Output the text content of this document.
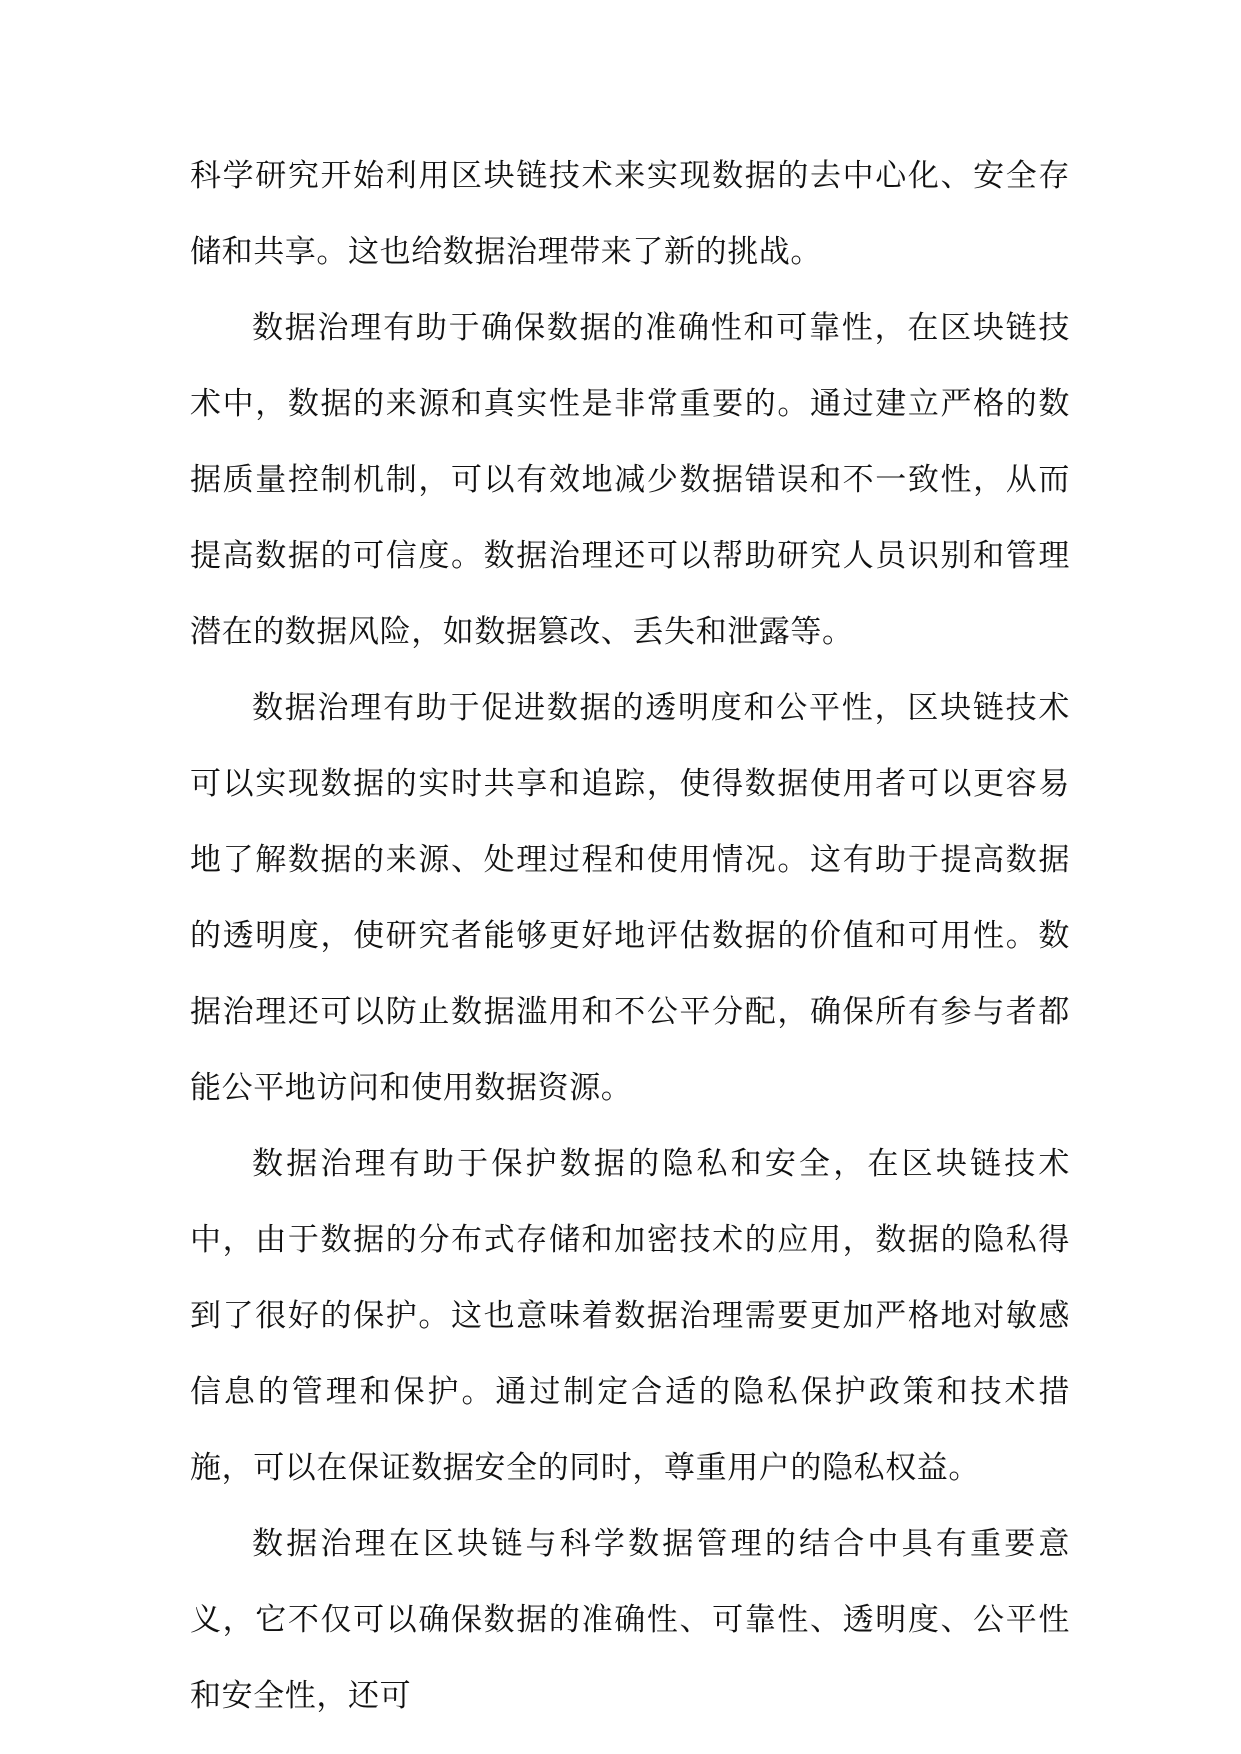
科学研究开始利用区块链技术来实现数据的去中心化、安全存储和共享。这也给数据治理带来了新的挑战。

数据治理有助于确保数据的准确性和可靠性，在区块链技术中，数据的来源和真实性是非常重要的。通过建立严格的数据质量控制机制，可以有效地减少数据错误和不一致性，从而提高数据的可信度。数据治理还可以帮助研究人员识别和管理潜在的数据风险，如数据篡改、丢失和泄露等。

数据治理有助于促进数据的透明度和公平性，区块链技术可以实现数据的实时共享和追踪，使得数据使用者可以更容易地了解数据的来源、处理过程和使用情况。这有助于提高数据的透明度，使研究者能够更好地评估数据的价值和可用性。数据治理还可以防止数据滥用和不公平分配，确保所有参与者都能公平地访问和使用数据资源。

数据治理有助于保护数据的隐私和安全，在区块链技术中，由于数据的分布式存储和加密技术的应用，数据的隐私得到了很好的保护。这也意味着数据治理需要更加严格地对敏感信息的管理和保护。通过制定合适的隐私保护政策和技术措施，可以在保证数据安全的同时，尊重用户的隐私权益。

数据治理在区块链与科学数据管理的结合中具有重要意义，它不仅可以确保数据的准确性、可靠性、透明度、公平性和安全性，还可
